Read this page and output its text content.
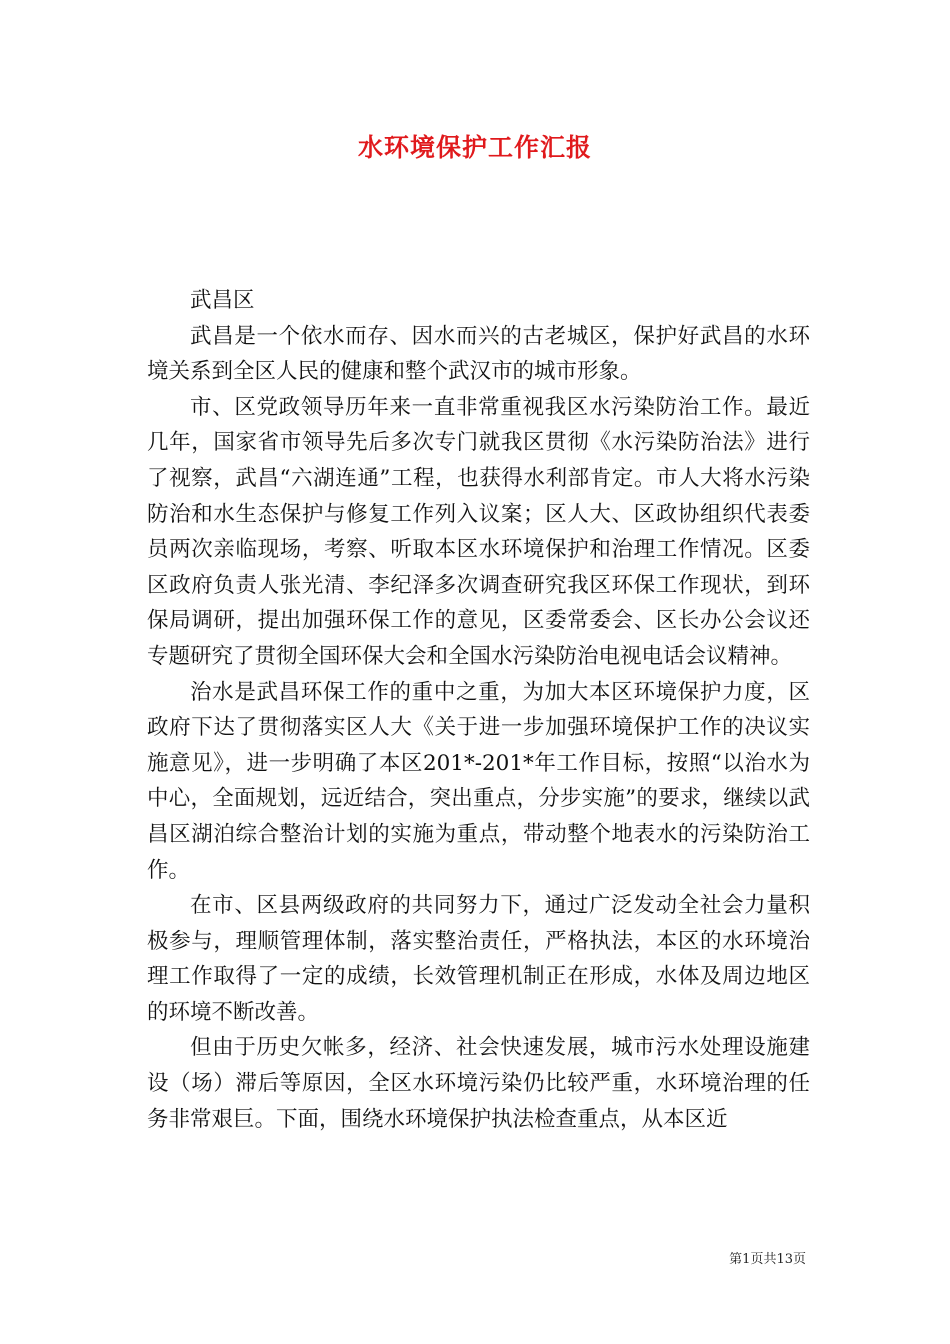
水环境保护工作汇报

武昌区

武昌是一个依水而存、因水而兴的古老城区，保护好武昌的水环境关系到全区人民的健康和整个武汉市的城市形象。

市、区党政领导历年来一直非常重视我区水污染防治工作。最近几年，国家省市领导先后多次专门就我区贯彻《水污染防治法》进行了视察，武昌“六湖连通”工程，也获得水利部肯定。市人大将水污染防治和水生态保护与修复工作列入议案；区人大、区政协组织代表委员两次亲临现场，考察、听取本区水环境保护和治理工作情况。区委区政府负责人张光清、李纪泽多次调查研究我区环保工作现状，到环保局调研，提出加强环保工作的意见，区委常委会、区长办公会议还专题研究了贯彻全国环保大会和全国水污染防治电视电话会议精神。

治水是武昌环保工作的重中之重，为加大本区环境保护力度，区政府下达了贯彻落实区人大《关于进一步加强环境保护工作的决议实施意见》，进一步明确了本区201*-201*年工作目标，按照“以治水为中心，全面规划，远近结合，突出重点，分步实施”的要求，继续以武昌区湖泊综合整治计划的实施为重点，带动整个地表水的污染防治工作。

在市、区县两级政府的共同努力下，通过广泛发动全社会力量积极参与，理顺管理体制，落实整治责任，严格执法，本区的水环境治理工作取得了一定的成绩，长效管理机制正在形成，水体及周边地区的环境不断改善。

但由于历史欠帐多，经济、社会快速发展，城市污水处理设施建设（场）滞后等原因，全区水环境污染仍比较严重，水环境治理的任务非常艰巨。下面，围绕水环境保护执法检查重点，从本区近

第1页共13页
